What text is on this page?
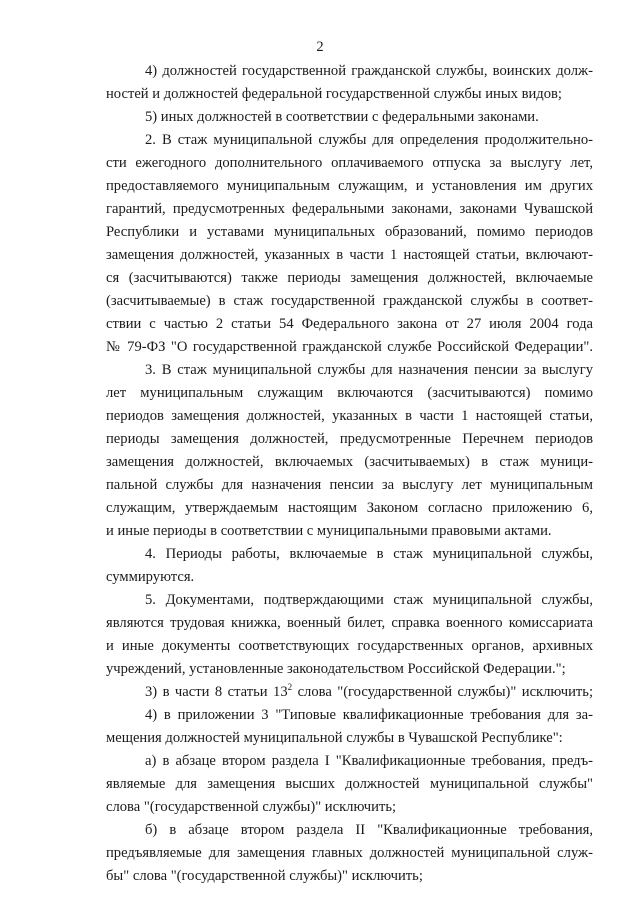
2
4) должностей государственной гражданской службы, воинских долж-
ностей и должностей федеральной государственной службы иных видов;
5) иных должностей в соответствии с федеральными законами.
2. В стаж муниципальной службы для определения продолжительно-
сти ежегодного дополнительного оплачиваемого отпуска за выслугу лет,
предоставляемого муниципальным служащим, и установления им других
гарантий, предусмотренных федеральными законами, законами Чувашской
Республики и уставами муниципальных образований, помимо периодов
замещения должностей, указанных в части 1 настоящей статьи, включают-
ся (засчитываются) также периоды замещения должностей, включаемые
(засчитываемые) в стаж государственной гражданской службы в соответ-
ствии с частью 2 статьи 54 Федерального закона от 27 июля 2004 года
№ 79-ФЗ "О государственной гражданской службе Российской Федерации".
3. В стаж муниципальной службы для назначения пенсии за выслугу
лет муниципальным служащим включаются (засчитываются) помимо
периодов замещения должностей, указанных в части 1 настоящей статьи,
периоды замещения должностей, предусмотренные Перечнем периодов
замещения должностей, включаемых (засчитываемых) в стаж муници-
пальной службы для назначения пенсии за выслугу лет муниципальным
служащим, утверждаемым настоящим Законом согласно приложению 6,
и иные периоды в соответствии с муниципальными правовыми актами.
4. Периоды работы, включаемые в стаж муниципальной службы,
суммируются.
5. Документами, подтверждающими стаж муниципальной службы,
являются трудовая книжка, военный билет, справка военного комиссариата
и иные документы соответствующих государственных органов, архивных
учреждений, установленные законодательством Российской Федерации.";
3) в части 8 статьи $13^2$ слова "(государственной службы)" исключить;
4) в приложении 3 "Типовые квалификационные требования для за-
мещения должностей муниципальной службы в Чувашской Республике":
а) в абзаце втором раздела I "Квалификационные требования, предъ-
являемые для замещения высших должностей муниципальной службы"
слова "(государственной службы)" исключить;
б) в абзаце втором раздела II "Квалификационные требования,
предъявляемые для замещения главных должностей муниципальной служ-
бы" слова "(государственной службы)" исключить;
